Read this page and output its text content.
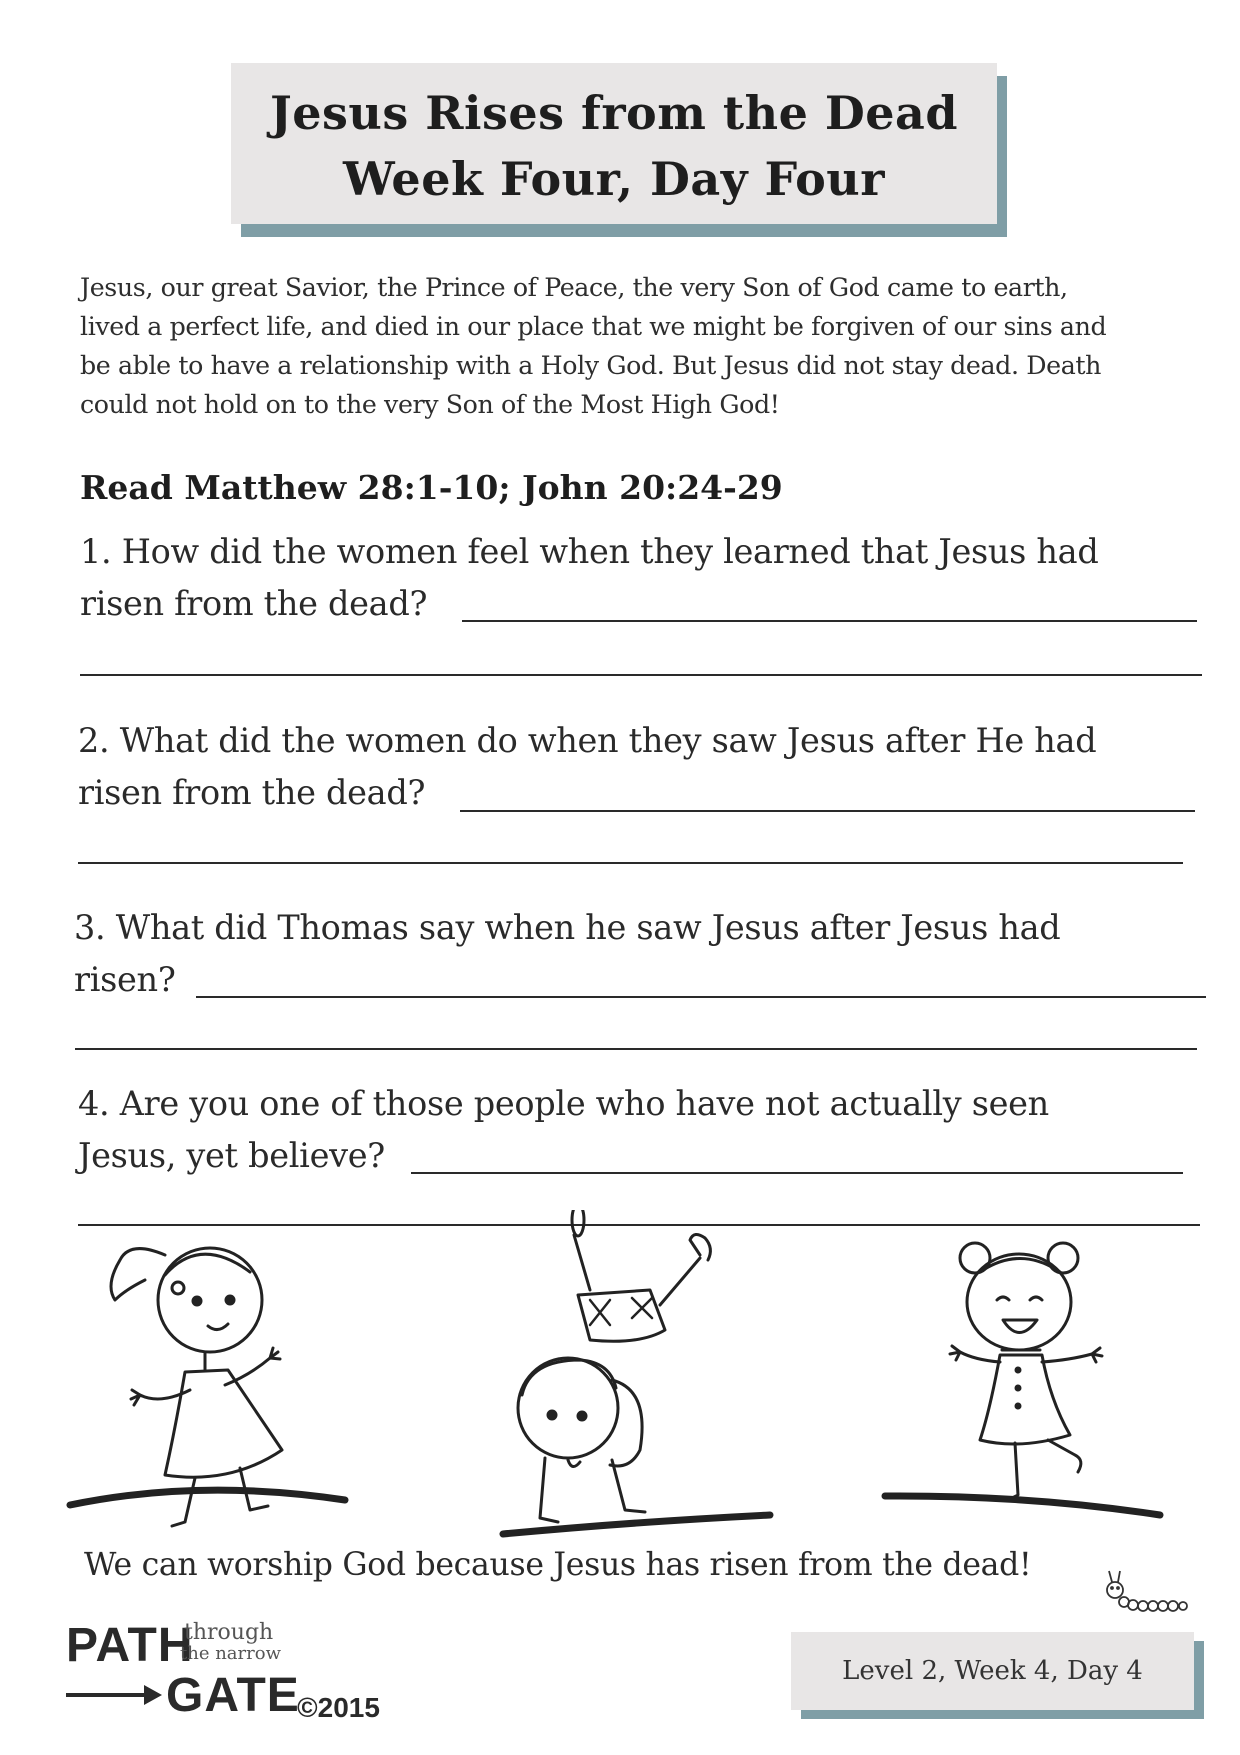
Jesus Rises from the Dead
Week Four, Day Four
Jesus, our great Savior, the Prince of Peace, the very Son of God came to earth,
lived a perfect life, and died in our place that we might be forgiven of our sins and
be able to have a relationship with a Holy God. But Jesus did not stay dead. Death
could not hold on to the very Son of the Most High God!
Read Matthew 28:1-10; John 20:24-29
1. How did the women feel when they learned that Jesus had
risen from the dead?
2. What did the women do when they saw Jesus after He had
risen from the dead?
3. What did Thomas say when he saw Jesus after Jesus had
risen?
4. Are you one of those people who have not actually seen
Jesus, yet believe?
We can worship God because Jesus has risen from the dead!
PATH
through
the narrow
GATE
©2015
Level 2, Week 4, Day 4
